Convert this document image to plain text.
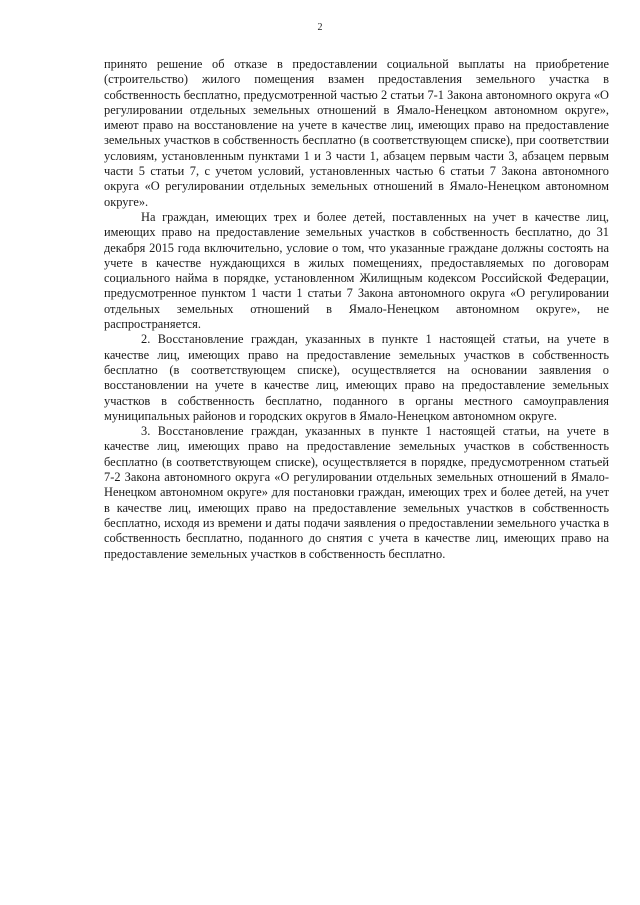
2

принято решение об отказе в предоставлении социальной выплаты на приобретение (строительство) жилого помещения взамен предоставления земельного участка в собственность бесплатно, предусмотренной частью 2 статьи 7-1 Закона автономного округа «О регулировании отдельных земельных отношений в Ямало-Ненецком автономном округе», имеют право на восстановление на учете в качестве лиц, имеющих право на предоставление земельных участков в собственность бесплатно (в соответствующем списке), при соответствии условиям, установленным пунктами 1 и 3 части 1, абзацем первым части 3, абзацем первым части 5 статьи 7, с учетом условий, установленных частью 6 статьи 7 Закона автономного округа «О регулировании отдельных земельных отношений в Ямало-Ненецком автономном округе».

На граждан, имеющих трех и более детей, поставленных на учет в качестве лиц, имеющих право на предоставление земельных участков в собственность бесплатно, до 31 декабря 2015 года включительно, условие о том, что указанные граждане должны состоять на учете в качестве нуждающихся в жилых помещениях, предоставляемых по договорам социального найма в порядке, установленном Жилищным кодексом Российской Федерации, предусмотренное пунктом 1 части 1 статьи 7 Закона автономного округа «О регулировании отдельных земельных отношений в Ямало-Ненецком автономном округе», не распространяется.

2. Восстановление граждан, указанных в пункте 1 настоящей статьи, на учете в качестве лиц, имеющих право на предоставление земельных участков в собственность бесплатно (в соответствующем списке), осуществляется на основании заявления о восстановлении на учете в качестве лиц, имеющих право на предоставление земельных участков в собственность бесплатно, поданного в органы местного самоуправления муниципальных районов и городских округов в Ямало-Ненецком автономном округе.

3. Восстановление граждан, указанных в пункте 1 настоящей статьи, на учете в качестве лиц, имеющих право на предоставление земельных участков в собственность бесплатно (в соответствующем списке), осуществляется в порядке, предусмотренном статьей 7-2 Закона автономного округа «О регулировании отдельных земельных отношений в Ямало-Ненецком автономном округе» для постановки граждан, имеющих трех и более детей, на учет в качестве лиц, имеющих право на предоставление земельных участков в собственность бесплатно, исходя из времени и даты подачи заявления о предоставлении земельного участка в собственность бесплатно, поданного до снятия с учета в качестве лиц, имеющих право на предоставление земельных участков в собственность бесплатно.
